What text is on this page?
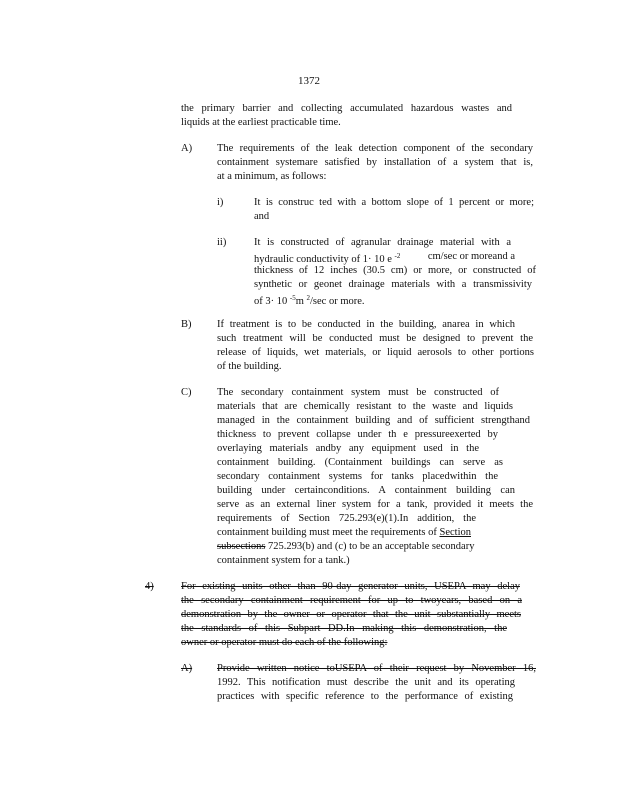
1372
the primary barrier and collecting accumulated hazardous wastes and
liquids at the earliest practicable time.
A) The requirements of the leak detection component of the secondary
containment systemare satisfied by installation of a system that is,
at a minimum, as follows:
i)	It is construc ted with a bottom slope of 1 percent or more;
and
ii)	It is constructed of agranular drainage material with a
hydraulic conductivity of 1· 10 e $^{-2}$	cm/sec or moreand a
thickness of 12 inches (30.5 cm) or more, or constructed of
synthetic or geonet drainage materials with a transmissivity
of 3· 10 $^{-5}$m $^2$/sec or more.
B) If treatment is to be conducted in the building, anarea in which
such treatment will be conducted must be designed to prevent the
release of liquids, wet materials, or liquid aerosols to other portions
of the building.
C) The secondary containment system must be constructed of
materials that are chemically resistant to the waste and liquids
managed in the containment building and of sufficient strengthand
thickness to prevent collapse under th e pressureexerted by
overlaying materials andby any equipment used in the
containment building. (Containment buildings can serve as
secondary containment systems for tanks placedwithin the
building under certainconditions. A containment building can
serve as an external liner system for a tank, provided it meets the
requirements of Section 725.293(e)(1).In addition, the
containment building must meet the requirements of Section
subsections 725.293(b) and (c) to be an acceptable secondary
containment system for a tank.)
4)	For existing units other than 90-day generator units, USEPA may delay
the secondary containment requirement for up to twoyears, based on a
demonstration by the owner or operator that the unit substantially meets
the standards of this Subpart DD.In making this demonstration, the
owner or operator must do each of the following:
A) Provide written notice toUSEPA of their request by November 16,
1992. This notification must describe the unit and its operating
practices with specific reference to the performance of existing
